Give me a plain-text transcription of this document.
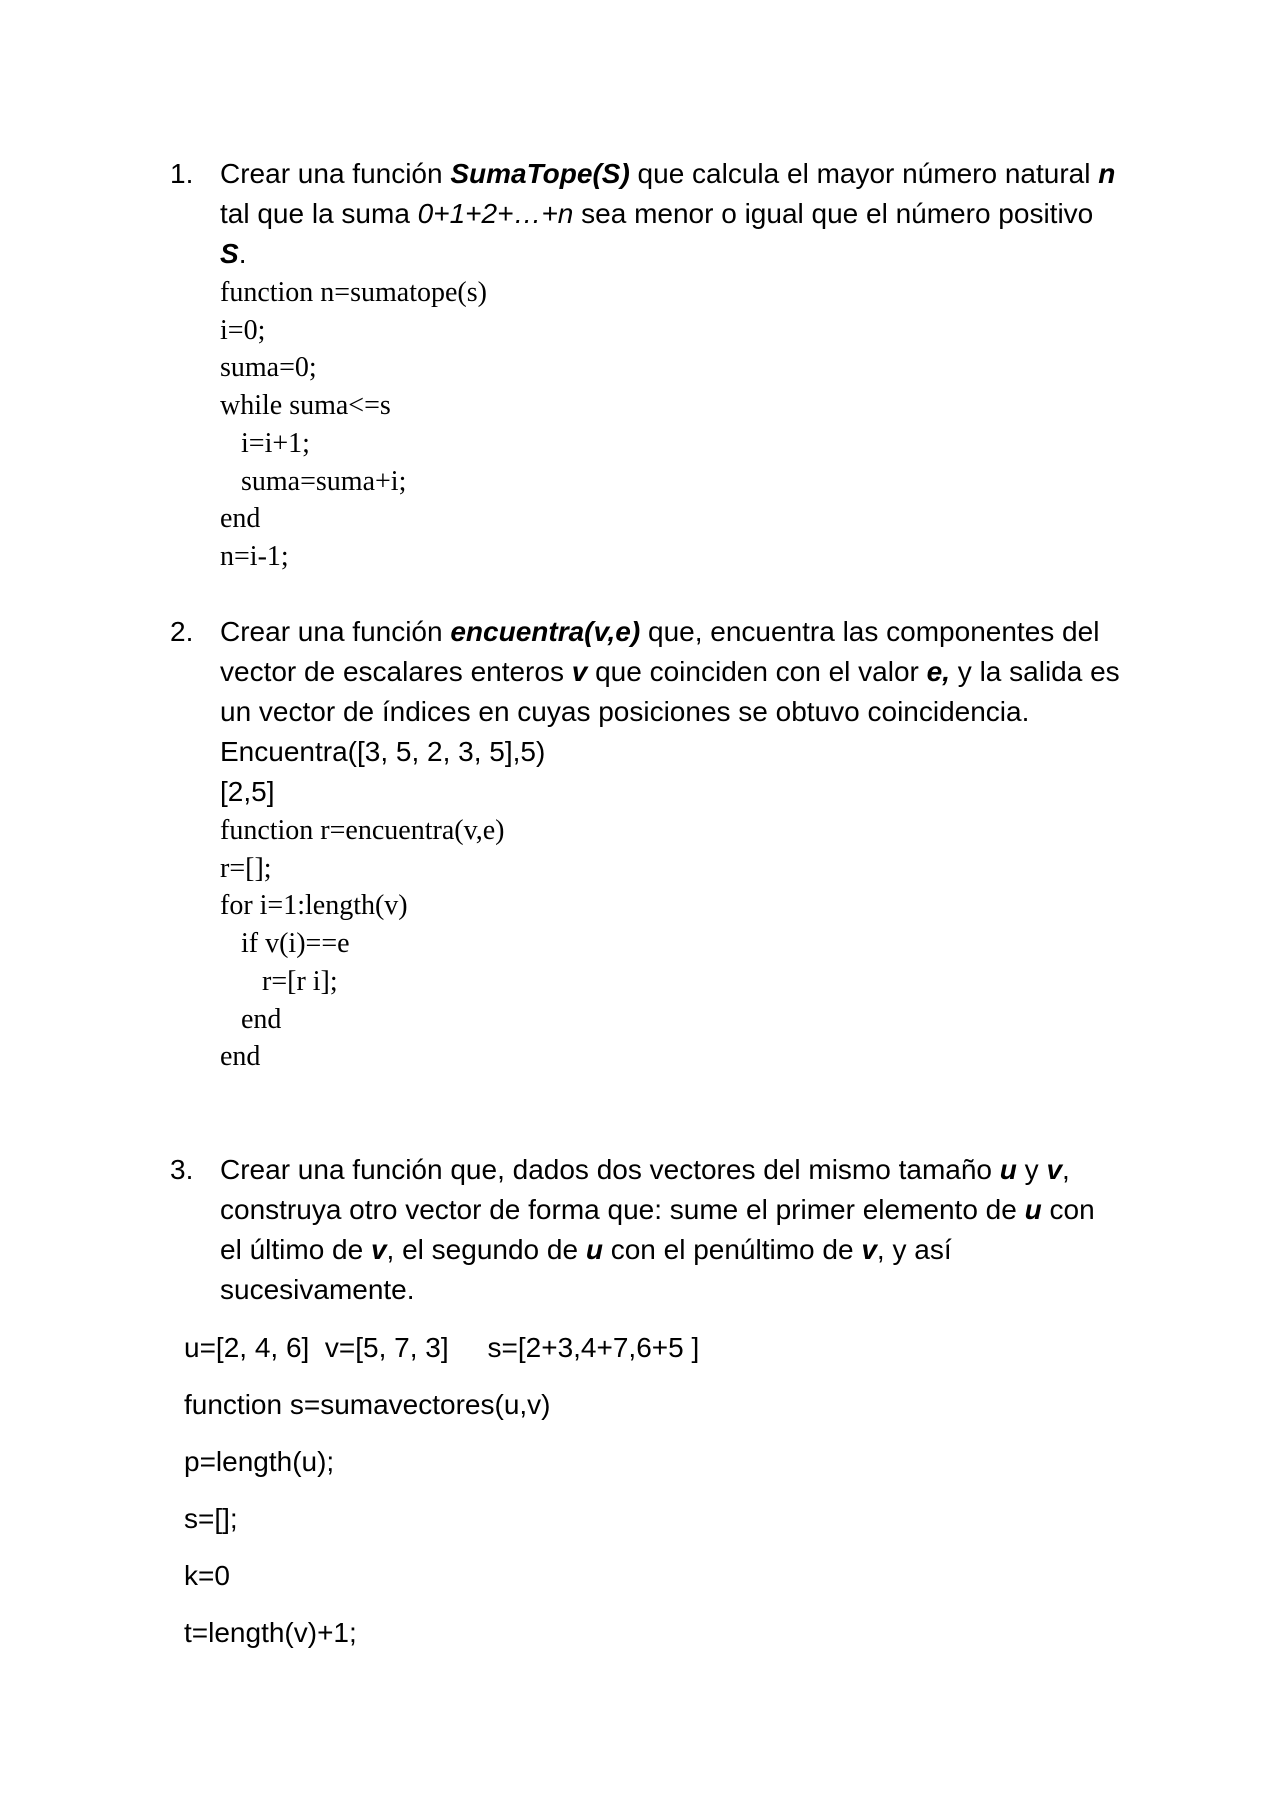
1. Crear una función SumaTope(S) que calcula el mayor número natural n tal que la suma 0+1+2+…+n sea menor o igual que el número positivo S.

function n=sumatope(s)
i=0;
suma=0;
while suma<=s
i=i+1;
suma=suma+i;
end
n=i-1;
2. Crear una función encuentra(v,e) que, encuentra las componentes del vector de escalares enteros v que coinciden con el valor e, y la salida es un vector de índices en cuyas posiciones se obtuvo coincidencia.

Encuentra([3, 5, 2, 3, 5],5)
[2,5]
function r=encuentra(v,e)
r=[];
for i=1:length(v)
if v(i)==e
r=[r i];
end
end
3. Crear una función que, dados dos vectores del mismo tamaño u y v, construya otro vector de forma que: sume el primer elemento de u con el último de v, el segundo de u con el penúltimo de v, y así sucesivamente.

u=[2, 4, 6]  v=[5, 7, 3]     s=[2+3,4+7,6+5 ]
function s=sumavectores(u,v)
p=length(u);
s=[];
k=0
t=length(v)+1;
